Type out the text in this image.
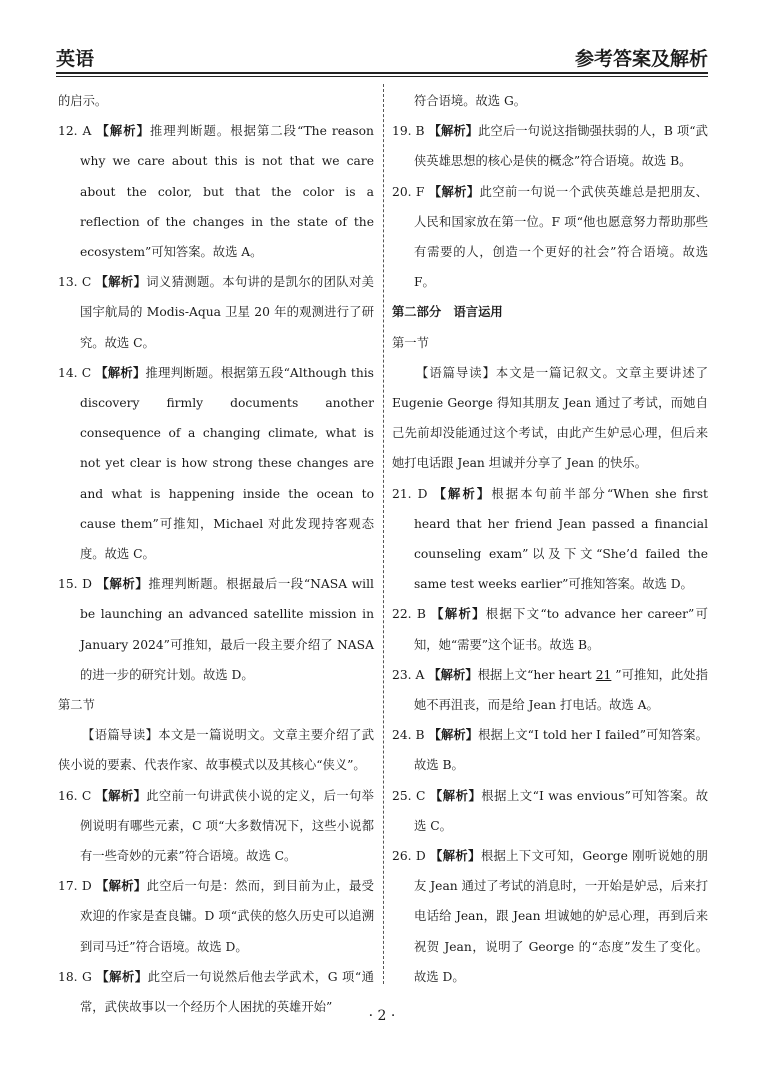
英语	参考答案及解析

的启示。

12. A 【解析】推理判断题。根据第二段“The reason why we care about this is not that we care about the color, but that the color is a reflection of the changes in the state of the ecosystem”可知答案。故选 A。

13. C 【解析】词义猜测题。本句讲的是凯尔的团队对美国宇航局的 Modis-Aqua 卫星 20 年的观测进行了研究。故选 C。

14. C 【解析】推理判断题。根据第五段“Although this discovery firmly documents another consequence of a changing climate, what is not yet clear is how strong these changes are and what is happening inside the ocean to cause them”可推知，Michael 对此发现持客观态度。故选 C。

15. D 【解析】推理判断题。根据最后一段“NASA will be launching an advanced satellite mission in January 2024”可推知，最后一段主要介绍了 NASA 的进一步的研究计划。故选 D。

第二节

【语篇导读】本文是一篇说明文。文章主要介绍了武侠小说的要素、代表作家、故事模式以及其核心“侠义”。

16. C 【解析】此空前一句讲武侠小说的定义，后一句举例说明有哪些元素，C 项“大多数情况下，这些小说都有一些奇妙的元素”符合语境。故选 C。

17. D 【解析】此空后一句是：然而，到目前为止，最受欢迎的作家是查良镛。D 项“武侠的悠久历史可以追溯到司马迁”符合语境。故选 D。

18. G 【解析】此空后一句说然后他去学武术，G 项“通常，武侠故事以一个经历个人困扰的英雄开始”

符合语境。故选 G。

19. B 【解析】此空后一句说这指锄强扶弱的人，B 项“武侠英雄思想的核心是侠的概念”符合语境。故选 B。

20. F 【解析】此空前一句说一个武侠英雄总是把朋友、人民和国家放在第一位。F 项“他也愿意努力帮助那些有需要的人，创造一个更好的社会”符合语境。故选 F。

第二部分　语言运用

第一节

【语篇导读】本文是一篇记叙文。文章主要讲述了 Eugenie George 得知其朋友 Jean 通过了考试，而她自己先前却没能通过这个考试，由此产生妒忌心理，但后来她打电话跟 Jean 坦诚并分享了 Jean 的快乐。

21. D 【解析】根据本句前半部分“When she first heard that her friend Jean passed a financial counseling exam”以及下文“She’d failed the same test weeks earlier”可推知答案。故选 D。

22. B 【解析】根据下文“to advance her career”可知，她“需要”这个证书。故选 B。

23. A 【解析】根据上文“her heart 21 ”可推知，此处指她不再沮丧，而是给 Jean 打电话。故选 A。

24. B 【解析】根据上文“I told her I failed”可知答案。故选 B。

25. C 【解析】根据上文“I was envious”可知答案。故选 C。

26. D 【解析】根据上下文可知，George 刚听说她的朋友 Jean 通过了考试的消息时，一开始是妒忌，后来打电话给 Jean，跟 Jean 坦诚她的妒忌心理，再到后来祝贺 Jean，说明了 George 的“态度”发生了变化。故选 D。

· 2 ·
